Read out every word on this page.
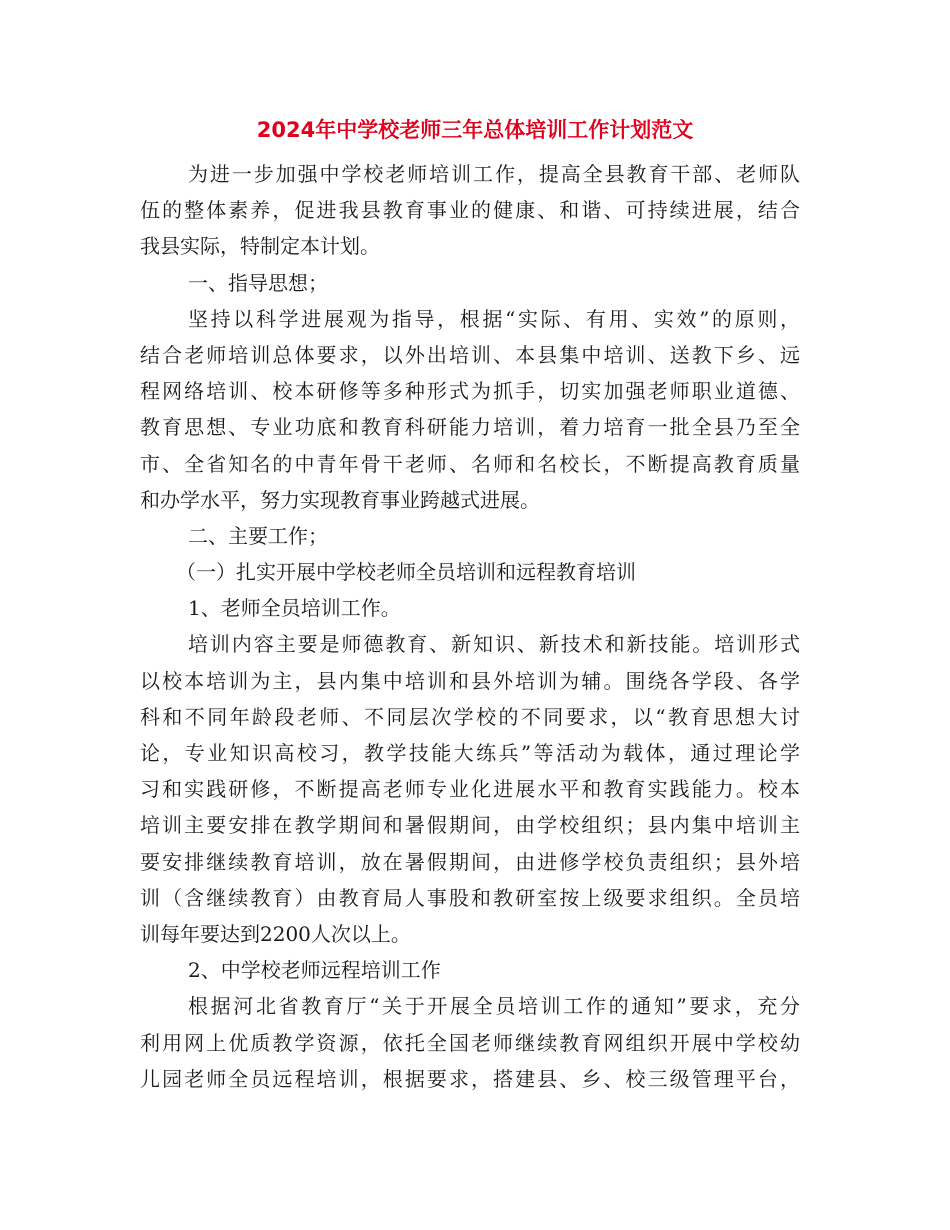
2024年中学校老师三年总体培训工作计划范文
为进一步加强中学校老师培训工作，提高全县教育干部、老师队
伍的整体素养，促进我县教育事业的健康、和谐、可持续进展，结合
我县实际，特制定本计划。
一、指导思想；
坚持以科学进展观为指导，根据“实际、有用、实效”的原则，
结合老师培训总体要求，以外出培训、本县集中培训、送教下乡、远
程网络培训、校本研修等多种形式为抓手，切实加强老师职业道德、
教育思想、专业功底和教育科研能力培训，着力培育一批全县乃至全
市、全省知名的中青年骨干老师、名师和名校长，不断提高教育质量
和办学水平，努力实现教育事业跨越式进展。
二、主要工作；
（一）扎实开展中学校老师全员培训和远程教育培训
1、老师全员培训工作。
培训内容主要是师德教育、新知识、新技术和新技能。培训形式
以校本培训为主，县内集中培训和县外培训为辅。围绕各学段、各学
科和不同年龄段老师、不同层次学校的不同要求，以“教育思想大讨
论，专业知识高校习，教学技能大练兵”等活动为载体，通过理论学
习和实践研修，不断提高老师专业化进展水平和教育实践能力。校本
培训主要安排在教学期间和暑假期间，由学校组织；县内集中培训主
要安排继续教育培训，放在暑假期间，由进修学校负责组织；县外培
训（含继续教育）由教育局人事股和教研室按上级要求组织。全员培
训每年要达到2200人次以上。
2、中学校老师远程培训工作
根据河北省教育厅“关于开展全员培训工作的通知”要求，充分
利用网上优质教学资源，依托全国老师继续教育网组织开展中学校幼
儿园老师全员远程培训，根据要求，搭建县、乡、校三级管理平台，
